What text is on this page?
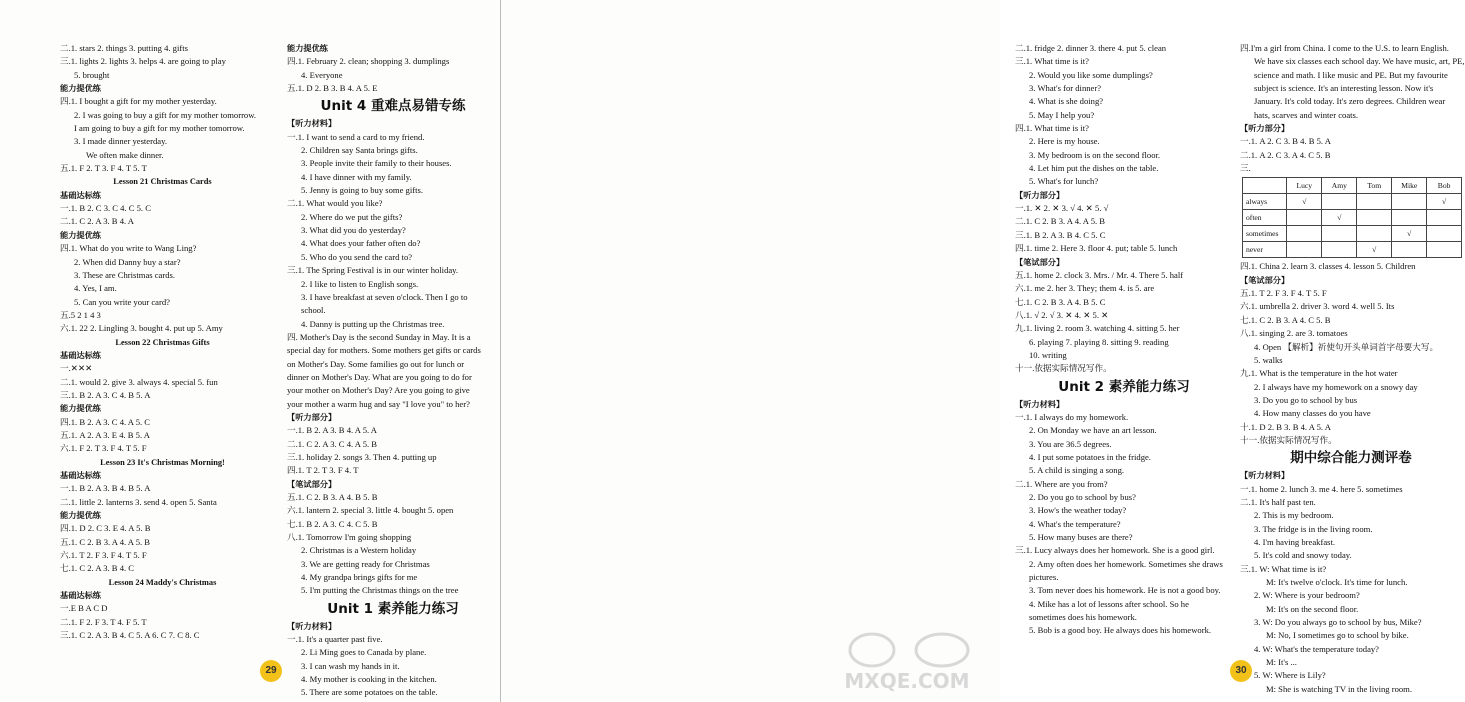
二.1. stars 2. things 3. putting 4. gifts
三.1. lights 2. lights 3. helps 4. are going to play
5. brought
能力提优练
四.1. I bought a gift for my mother yesterday.
2. I was going to buy a gift for my mother tomorrow.
I am going to buy a gift for my mother tomorrow.
3. I made dinner yesterday.
We often make dinner.
五.1. F 2. T 3. F 4. T 5. T
Lesson 21 Christmas Cards
基础达标练
一.1. B 2. C 3. C 4. C 5. C
二.1. C 2. A 3. B 4. A
能力提优练
四.1. What do you write to Wang Ling?
2. When did Danny buy a star?
3. These are Christmas cards.
4. Yes, I am.
5. Can you write your card?
五.5 2 1 4 3
六.1. 22 2. Lingling 3. bought 4. put up 5. Amy
Lesson 22 Christmas Gifts
基础达标练
一.✕✕✕
二.1. would 2. give 3. always 4. special 5. fun
三.1. B 2. A 3. C 4. B 5. A
能力提优练
四.1. B 2. A 3. C 4. A 5. C
五.1. A 2. A 3. E 4. B 5. A
六.1. F 2. T 3. F 4. T 5. F
Lesson 23 It's Christmas Morning!
基础达标练
一.1. B 2. A 3. B 4. B 5. A
二.1. little 2. lanterns 3. send 4. open 5. Santa
能力提优练
四.1. D 2. C 3. E 4. A 5. B
五.1. C 2. B 3. A 4. A 5. B
六.1. T 2. F 3. F 4. T 5. F
七.1. C 2. A 3. B 4. C
Lesson 24 Maddy's Christmas
基础达标练
一.E B A C D
二.1. F 2. F 3. T 4. F 5. T
三.1. C 2. A 3. B 4. C 5. A 6. C 7. C 8. C
能力提优练
四.1. February 2. clean; shopping 3. dumplings
4. Everyone
五.1. D 2. B 3. B 4. A 5. E
Unit 4 重难点易错专练
【听力材料】
一.1. I want to send a card to my friend.
2. Children say Santa brings gifts.
3. People invite their family to their houses.
4. I have dinner with my family.
5. Jenny is going to buy some gifts.
二.1. What would you like?
2. Where do we put the gifts?
3. What did you do yesterday?
4. What does your father often do?
5. Who do you send the card to?
三.1. The Spring Festival is in our winter holiday.
2. I like to listen to English songs.
3. I have breakfast at seven o'clock. Then I go to
school.
4. Danny is putting up the Christmas tree.
四. Mother's Day is the second Sunday in May. It is a
special day for mothers. Some mothers get gifts or cards
on Mother's Day. Some families go out for lunch or
dinner on Mother's Day. What are you going to do for
your mother on Mother's Day? Are you going to give
your mother a warm hug and say "I love you" to her?
【听力部分】
一.1. B 2. A 3. B 4. A 5. A
二.1. C 2. A 3. C 4. A 5. B
三.1. holiday 2. songs 3. Then 4. putting up
四.1. T 2. T 3. F 4. T
【笔试部分】
五.1. C 2. B 3. A 4. B 5. B
六.1. lantern 2. special 3. little 4. bought 5. open
七.1. B 2. A 3. C 4. C 5. B
八.1. Tomorrow I'm going shopping
2. Christmas is a Western holiday
3. We are getting ready for Christmas
4. My grandpa brings gifts for me
5. I'm putting the Christmas things on the tree
Unit 1 素养能力练习
【听力材料】
一.1. It's a quarter past five.
2. Li Ming goes to Canada by plane.
3. I can wash my hands in it.
4. My mother is cooking in the kitchen.
5. There are some potatoes on the table.
29
二.1. fridge 2. dinner 3. there 4. put 5. clean
三.1. What time is it?
2. Would you like some dumplings?
3. What's for dinner?
4. What is she doing?
5. May I help you?
四.1. What time is it?
2. Here is my house.
3. My bedroom is on the second floor.
4. Let him put the dishes on the table.
5. What's for lunch?
【听力部分】
一.1. ✕ 2. ✕ 3. √ 4. ✕ 5. √
二.1. C 2. B 3. A 4. A 5. B
三.1. B 2. A 3. B 4. C 5. C
四.1. time 2. Here 3. floor 4. put; table 5. lunch
【笔试部分】
五.1. home 2. clock 3. Mrs. / Mr. 4. There 5. half
六.1. me 2. her 3. They; them 4. is 5. are
七.1. C 2. B 3. A 4. B 5. C
八.1. √ 2. √ 3. ✕ 4. ✕ 5. ✕
九.1. living 2. room 3. watching 4. sitting 5. her
6. playing 7. playing 8. sitting 9. reading
10. writing
十一.依据实际情况写作。
Unit 2 素养能力练习
【听力材料】
一.1. I always do my homework.
2. On Monday we have an art lesson.
3. You are 36.5 degrees.
4. I put some potatoes in the fridge.
5. A child is singing a song.
二.1. Where are you from?
2. Do you go to school by bus?
3. How's the weather today?
4. What's the temperature?
5. How many buses are there?
三.1. Lucy always does her homework. She is a good girl.
2. Amy often does her homework. Sometimes she draws
pictures.
3. Tom never does his homework. He is not a good boy.
4. Mike has a lot of lessons after school. So he
sometimes does his homework.
5. Bob is a good boy. He always does his homework.
四.I'm a girl from China. I come to the U.S. to learn English.
We have six classes each school day. We have music, art, PE,
science and math. I like music and PE. But my favourite
subject is science. It's an interesting lesson. Now it's
January. It's cold today. It's zero degrees. Children wear
hats, scarves and winter coats.
【听力部分】
一.1. A 2. C 3. B 4. B 5. A
二.1. A 2. C 3. A 4. C 5. B
三.
	Lucy	Amy	Tom	Mike	Bob
always	√				√
often		√			
sometimes				√	
never			√		
四.1. China 2. learn 3. classes 4. lesson 5. Children
【笔试部分】
五.1. T 2. F 3. F 4. T 5. F
六.1. umbrella 2. driver 3. word 4. well 5. Its
七.1. C 2. B 3. A 4. C 5. B
八.1. singing 2. are 3. tomatoes
4. Open 【解析】祈使句开头单词首字母要大写。
5. walks
九.1. What is the temperature in the hot water
2. I always have my homework on a snowy day
3. Do you go to school by bus
4. How many classes do you have
十.1. D 2. B 3. B 4. A 5. A
十一.依据实际情况写作。
期中综合能力测评卷
【听力材料】
一.1. home 2. lunch 3. me 4. here 5. sometimes
二.1. It's half past ten.
2. This is my bedroom.
3. The fridge is in the living room.
4. I'm having breakfast.
5. It's cold and snowy today.
三.1. W: What time is it?
M: It's twelve o'clock. It's time for lunch.
2. W: Where is your bedroom?
M: It's on the second floor.
3. W: Do you always go to school by bus, Mike?
M: No, I sometimes go to school by bike.
4. W: What's the temperature today?
M: It's ...
5. W: Where is Lily?
M: She is watching TV in the living room.
30
MXQE.COM
